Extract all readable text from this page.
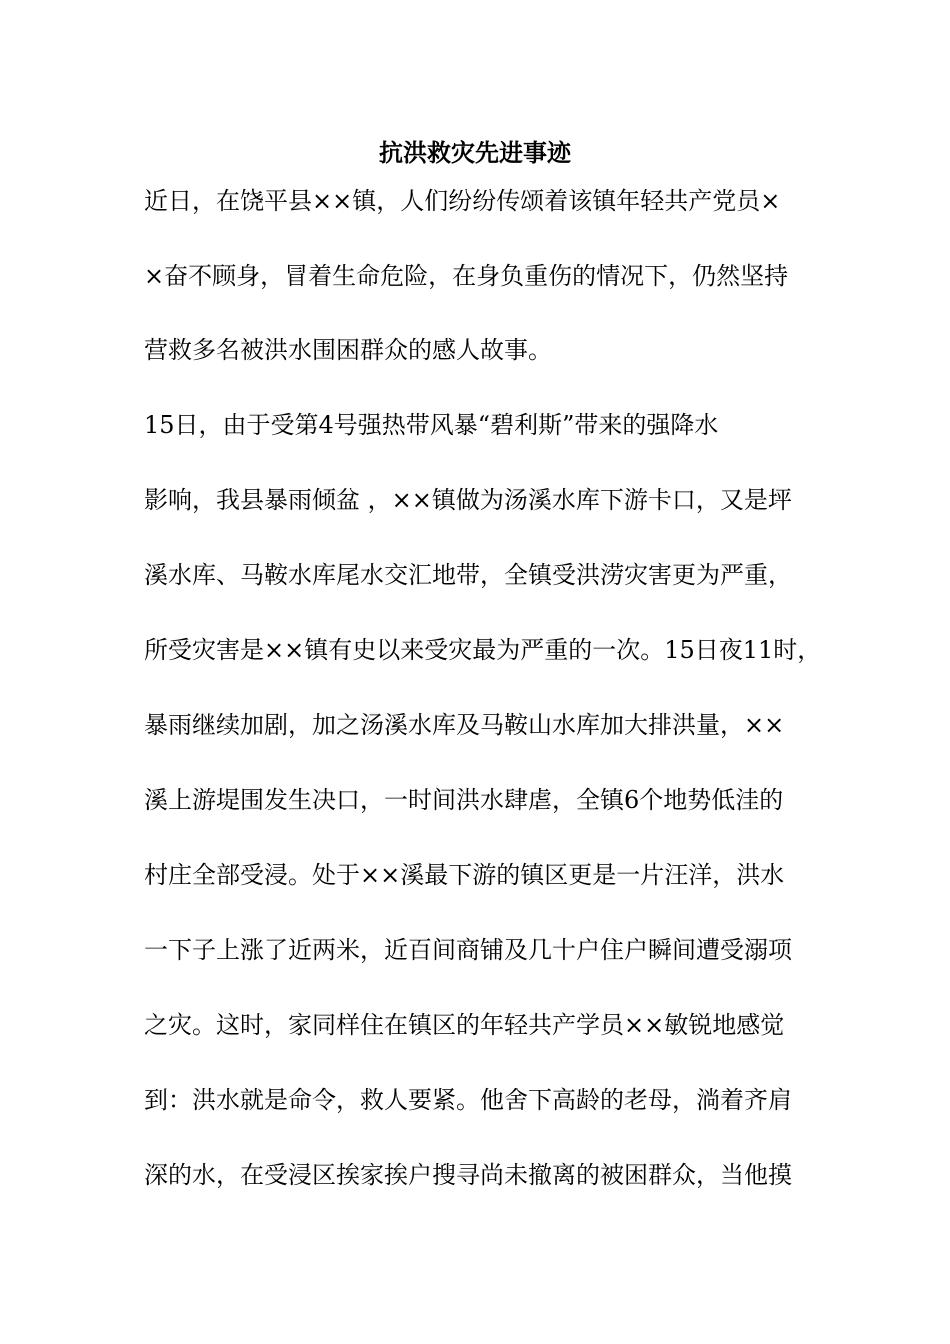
抗洪救灾先进事迹
近日，在饶平县××镇，人们纷纷传颂着该镇年轻共产党员×
×奋不顾身，冒着生命危险，在身负重伤的情况下，仍然坚持
营救多名被洪水围困群众的感人故事。
15日，由于受第4号强热带风暴“碧利斯”带来的强降水
影响，我县暴雨倾盆 ，××镇做为汤溪水库下游卡口，又是坪
溪水库、马鞍水库尾水交汇地带，全镇受洪涝灾害更为严重，
所受灾害是××镇有史以来受灾最为严重的一次。15日夜11时，
暴雨继续加剧，加之汤溪水库及马鞍山水库加大排洪量，××
溪上游堤围发生决口，一时间洪水肆虐，全镇6个地势低洼的
村庄全部受浸。处于××溪最下游的镇区更是一片汪洋，洪水
一下子上涨了近两米，近百间商铺及几十户住户瞬间遭受溺项
之灾。这时，家同样住在镇区的年轻共产学员××敏锐地感觉
到：洪水就是命令，救人要紧。他舍下高龄的老母，淌着齐肩
深的水，在受浸区挨家挨户搜寻尚未撤离的被困群众，当他摸
